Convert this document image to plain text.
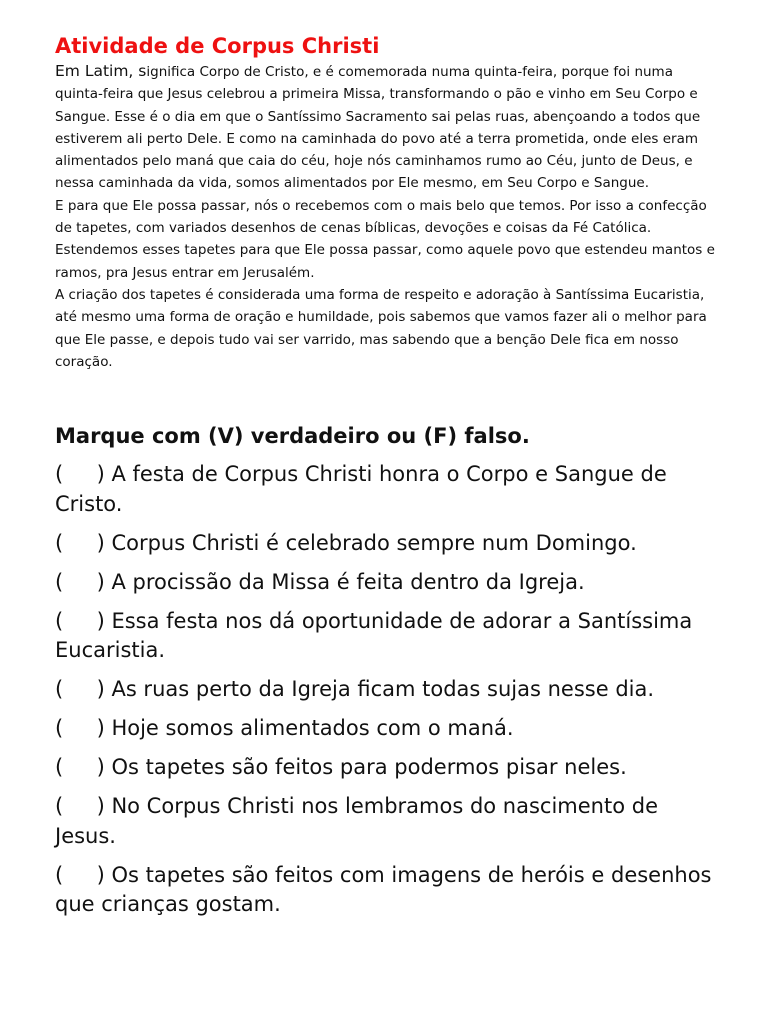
Atividade de Corpus Christi

Em Latim, significa Corpo de Cristo, e é comemorada numa quinta-feira, porque foi numa quinta-feira que Jesus celebrou a primeira Missa, transformando o pão e vinho em Seu Corpo e Sangue. Esse é o dia em que o Santíssimo Sacramento sai pelas ruas, abençoando a todos que estiverem ali perto Dele. E como na caminhada do povo até a terra prometida, onde eles eram alimentados pelo maná que caia do céu, hoje nós caminhamos rumo ao Céu, junto de Deus, e nessa caminhada da vida, somos alimentados por Ele mesmo, em Seu Corpo e Sangue.
E para que Ele possa passar, nós o recebemos com o mais belo que temos. Por isso a confecção de tapetes, com variados desenhos de cenas bíblicas, devoções e coisas da Fé Católica. Estendemos esses tapetes para que Ele possa passar, como aquele povo que estendeu mantos e ramos, pra Jesus entrar em Jerusalém.
A criação dos tapetes é considerada uma forma de respeito e adoração à Santíssima Eucaristia, até mesmo uma forma de oração e humildade, pois sabemos que vamos fazer ali o melhor para que Ele passe, e depois tudo vai ser varrido, mas sabendo que a benção Dele fica em nosso coração.

Marque com (V) verdadeiro ou (F) falso.
(     ) A festa de Corpus Christi honra o Corpo e Sangue de Cristo.
(     ) Corpus Christi é celebrado sempre num Domingo.
(     ) A procissão da Missa é feita dentro da Igreja.
(     ) Essa festa nos dá oportunidade de adorar a Santíssima Eucaristia.
(     ) As ruas perto da Igreja ficam todas sujas nesse dia.
(     ) Hoje somos alimentados com o maná.
(     ) Os tapetes são feitos para podermos pisar neles.
(     ) No Corpus Christi nos lembramos do nascimento de Jesus.
(     ) Os tapetes são feitos com imagens de heróis e desenhos que crianças gostam.
